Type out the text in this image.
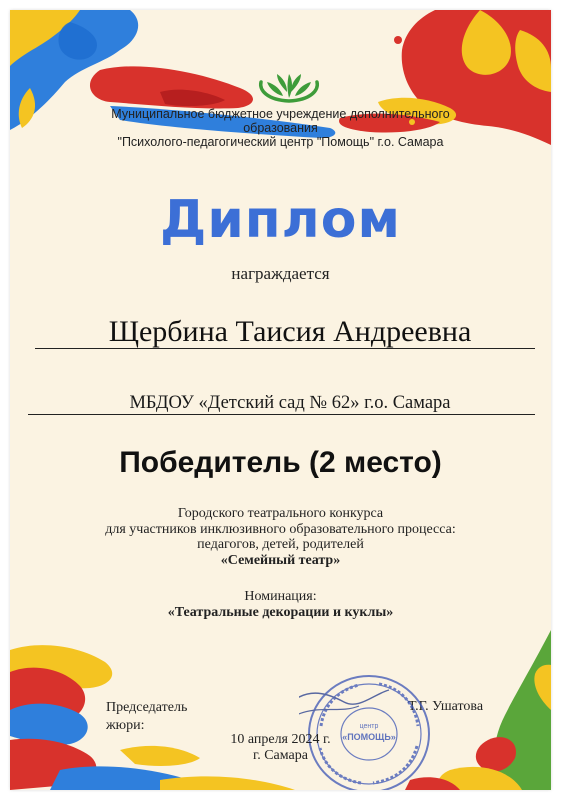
Муниципальное бюджетное учреждение дополнительного
образования
"Психолого-педагогический центр "Помощь" г.о. Самара
Диплом
награждается
Щербина Таисия Андреевна
МБДОУ «Детский сад № 62» г.о. Самара
Победитель (2 место)
Городского театрального конкурса
для участников инклюзивного образовательного процесса:
педагогов, детей, родителей
«Семейный театр»
Номинация:
«Театральные декорации и куклы»
Председатель
жюри:
Т.Г. Ушатова
центр
«ПОМОЩЬ»
10 апреля 2024 г.
г. Самара
